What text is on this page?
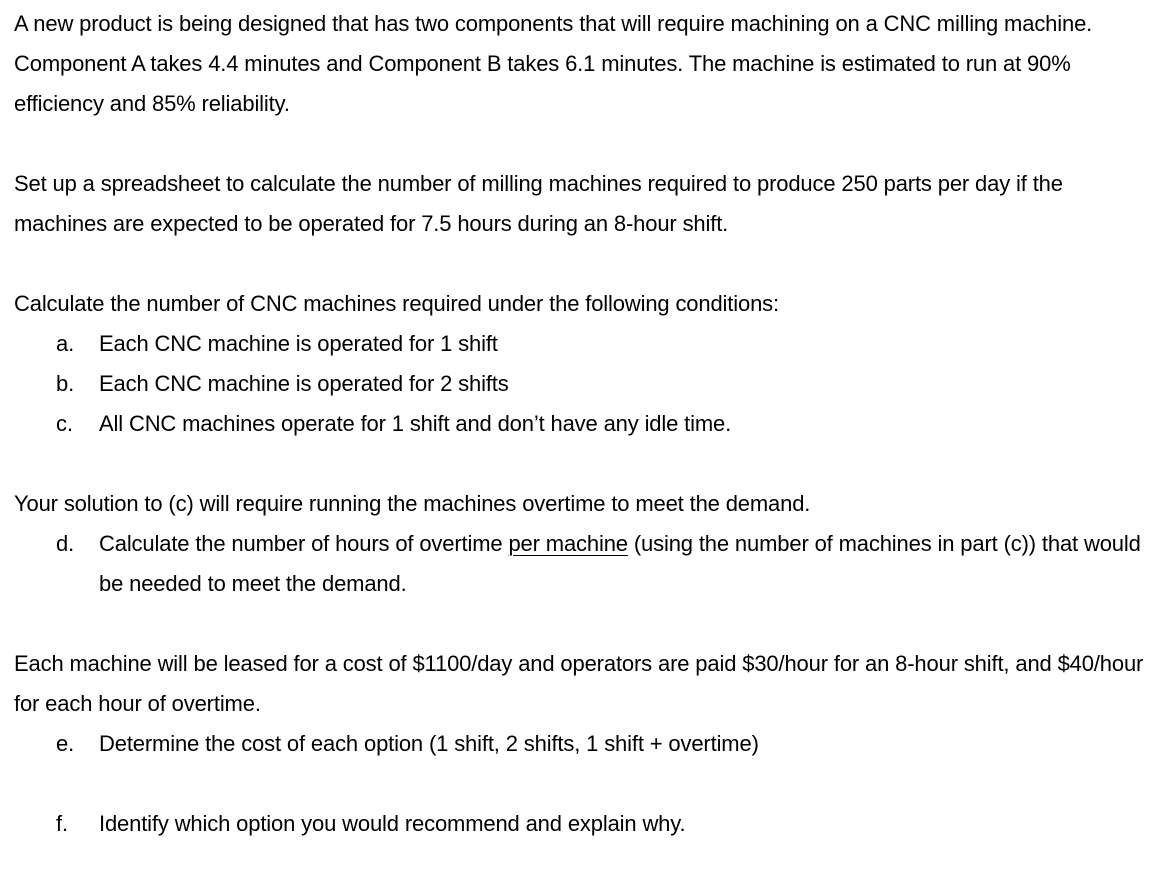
A new product is being designed that has two components that will require machining on a CNC milling machine. Component A takes 4.4 minutes and Component B takes 6.1 minutes. The machine is estimated to run at 90% efficiency and 85% reliability.

Set up a spreadsheet to calculate the number of milling machines required to produce 250 parts per day if the machines are expected to be operated for 7.5 hours during an 8-hour shift.

Calculate the number of CNC machines required under the following conditions:

a. Each CNC machine is operated for 1 shift
b. Each CNC machine is operated for 2 shifts
c. All CNC machines operate for 1 shift and don’t have any idle time.

Your solution to (c) will require running the machines overtime to meet the demand.

d. Calculate the number of hours of overtime per machine (using the number of machines in part (c)) that would be needed to meet the demand.

Each machine will be leased for a cost of $1100/day and operators are paid $30/hour for an 8-hour shift, and $40/hour for each hour of overtime.

e. Determine the cost of each option (1 shift, 2 shifts, 1 shift + overtime)
f. Identify which option you would recommend and explain why.
